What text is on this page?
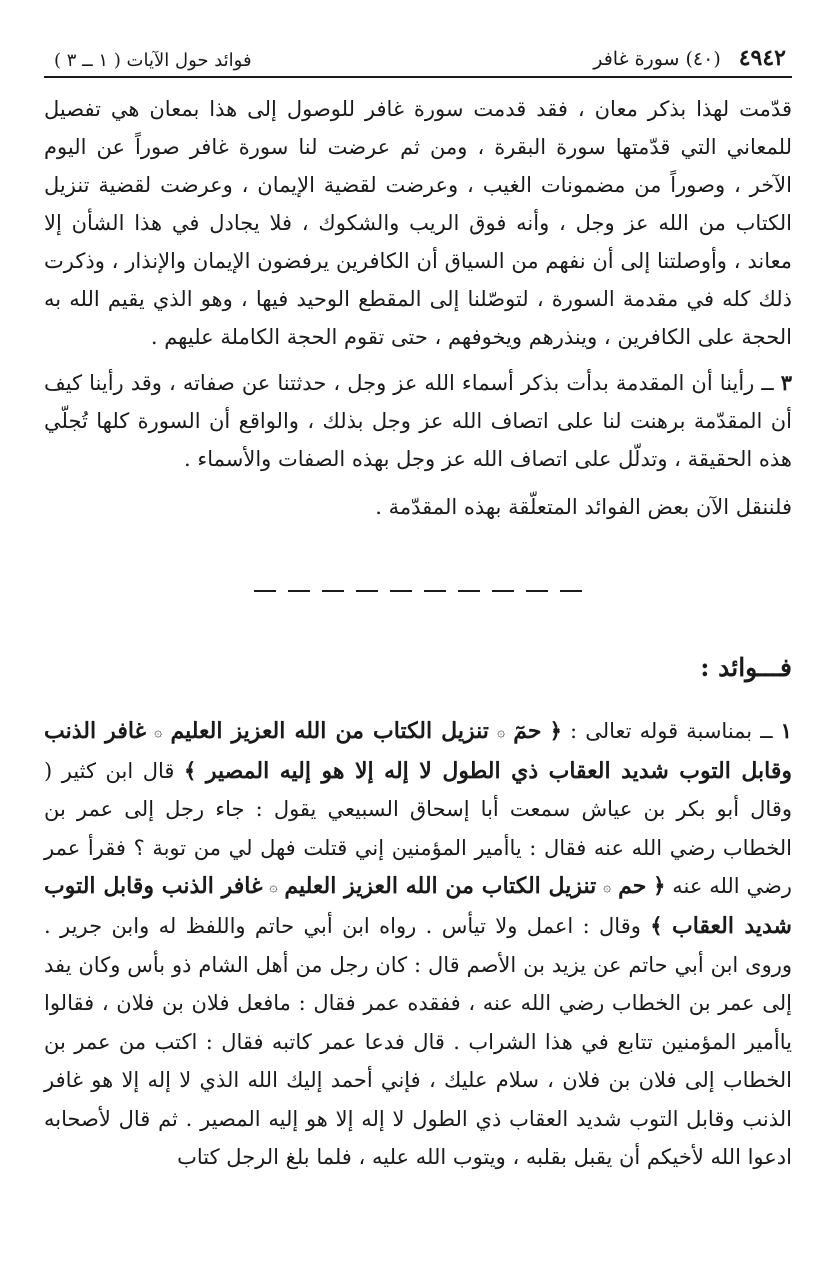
٤٩٤٢
(٤٠) سورة غافر
فوائد حول الآيات ( ١ ــ ٣ )

قدّمت لهذا بذكر معان ، فقد قدمت سورة غافر للوصول إلى هذا بمعان هي تفصيل للمعاني التي قدّمتها سورة البقرة ، ومن ثم عرضت لنا سورة غافر صوراً عن اليوم الآخر ، وصوراً من مضمونات الغيب ، وعرضت لقضية الإيمان ، وعرضت لقضية تنزيل الكتاب من الله عز وجل ، وأنه فوق الريب والشكوك ، فلا يجادل في هذا الشأن إلا معاند ، وأوصلتنا إلى أن نفهم من السياق أن الكافرين يرفضون الإيمان والإنذار ، وذكرت ذلك كله في مقدمة السورة ، لتوصّلنا إلى المقطع الوحيد فيها ، وهو الذي يقيم الله به الحجة على الكافرين ، وينذرهم ويخوفهم ، حتى تقوم الحجة الكاملة عليهم .

٣ ــ رأينا أن المقدمة بدأت بذكر أسماء الله عز وجل ، حدثتنا عن صفاته ، وقد رأينا كيف أن المقدّمة برهنت لنا على اتصاف الله عز وجل بذلك ، والواقع أن السورة كلها تُجلّي هذه الحقيقة ، وتدلّل على اتصاف الله عز وجل بهذه الصفات والأسماء .

فلننقل الآن بعض الفوائد المتعلّقة بهذه المقدّمة .

فـــوائد :

١ ــ بمناسبة قوله تعالى : ﴿ حمٓ ۞ تنزيل الكتاب من الله العزيز العليم ۞ غافر الذنب وقابل التوب شديد العقاب ذي الطول لا إله إلا هو إليه المصير ﴾ قال ابن كثير ( وقال أبو بكر بن عياش سمعت أبا إسحاق السبيعي يقول : جاء رجل إلى عمر بن الخطاب رضي الله عنه فقال : ياأمير المؤمنين إني قتلت فهل لي من توبة ؟ فقرأ عمر رضي الله عنه ﴿ حم ۞ تنزيل الكتاب من الله العزيز العليم ۞ غافر الذنب وقابل التوب شديد العقاب ﴾ وقال : اعمل ولا تيأس . رواه ابن أبي حاتم واللفظ له وابن جرير . وروى ابن أبي حاتم عن يزيد بن الأصم قال : كان رجل من أهل الشام ذو بأس وكان يفد إلى عمر بن الخطاب رضي الله عنه ، ففقده عمر فقال : مافعل فلان بن فلان ، فقالوا ياأمير المؤمنين تتابع في هذا الشراب . قال فدعا عمر كاتبه فقال : اكتب من عمر بن الخطاب إلى فلان بن فلان ، سلام عليك ، فإني أحمد إليك الله الذي لا إله إلا هو غافر الذنب وقابل التوب شديد العقاب ذي الطول لا إله إلا هو إليه المصير . ثم قال لأصحابه ادعوا الله لأخيكم أن يقبل بقلبه ، ويتوب الله عليه ، فلما بلغ الرجل كتاب
